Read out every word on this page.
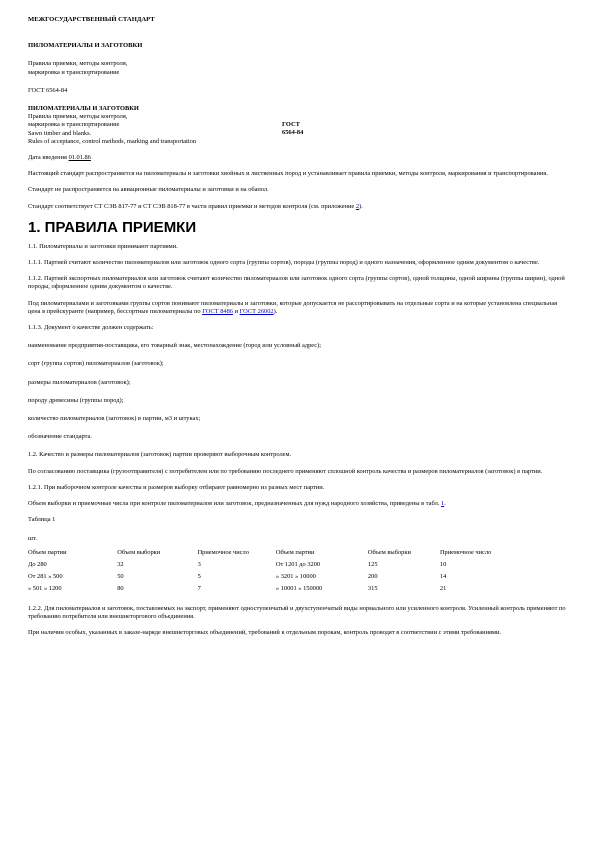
МЕЖГОСУДАРСТВЕННЫЙ СТАНДАРТ

ПИЛОМАТЕРИАЛЫ И ЗАГОТОВКИ

Правила приемки, методы контроля,

маркировка и транспортирование

ГОСТ 6564-84

ПИЛОМАТЕРИАЛЫ И ЗАГОТОВКИ

Правила приемки, методы контроля,

маркировка и транспортирование

Sawn timber and blanks.

Rules of acceptance, control methods, marking and transportation

ГОСТ

6564-84

Дата введения 01.01.86

Настоящий стандарт распространяется на пиломатериалы и заготовки хвойных и лиственных пород и устанавливает правила приемки, методы контроля, маркирования и транспортирования.

Стандарт не распространяется на авиационные пиломатериалы и заготовки и на обапол.

Стандарт соответствует СТ СЭВ 817-77 и СТ СЭВ 818-77 в части правил приемки и методов контроля (см. приложение 2).

1. ПРАВИЛА ПРИЕМКИ

1.1. Пиломатериалы и заготовки принимают партиями.

1.1.1. Партией считают количество пиломатериалов или заготовок одного сорта (группы сортов), породы (группы пород) и одного назначения, оформленное одним документом о качестве.

1.1.2. Партией экспортных пиломатериалов или заготовок считают количество пиломатериалов или заготовок одного сорта (группы сортов), одной толщины, одной ширины (группы ширин), одной породы, оформленное одним документом о качестве.

Под пиломатериалами и заготовками группы сортов понимают пиломатериалы и заготовки, которые допускается не рассортировывать на отдельные сорта и на которые установлена специальная цена в прейскуранте (например, бессортные пиломатериалы по ГОСТ 8486 и ГОСТ 26002).

1.1.3. Документ о качестве должен содержать:

наименование предприятия-поставщика, его товарный знак, местонахождение (город или условный адрес);

сорт (группа сортов) пиломатериалов (заготовок);

размеры пиломатериалов (заготовок);

породу древесины (группы пород);

количество пиломатериалов (заготовок) в партии, м3 и штуках;

обозначение стандарта.

1.2. Качество и размеры пиломатериалов (заготовок) партии проверяют выборочным контролем.

По согласованию поставщика (грузоотправителя) с потребителем или по требованию последнего применяют сплошной контроль качества и размеров пиломатериалов (заготовок) в партии.

1.2.1. При выборочном контроле качества и размеров выборку отбирают равномерно из разных мест партии.

Объем выборки и приемочные числа при контроле пиломатериалов или заготовок, предназначенных для нужд народного хозяйства, приведены в табл. 1.

Таблица 1

шт.

Объем партии	Объем выборки	Приемочное число	Объем партии	Объем выборки	Приемочное число
До 280	32	3	От 1201 до 3200	125	10
От 281 » 500	50	5	» 3201 » 10000	200	14
» 501 » 1200	80	7	» 10001 » 150000	315	21

1.2.2. Для пиломатериалов и заготовок, поставляемых на экспорт, применяют одноступенчатый и двухступенчатый виды нормального или усиленного контроля. Усиленный контроль применяют по требованию потребителя или внешнеторгового объединения.

При наличии особых, указанных в заказе-наряде внешнеторговых объединений, требований к отдельным порокам, контроль проводят в соответствии с этими требованиями.
